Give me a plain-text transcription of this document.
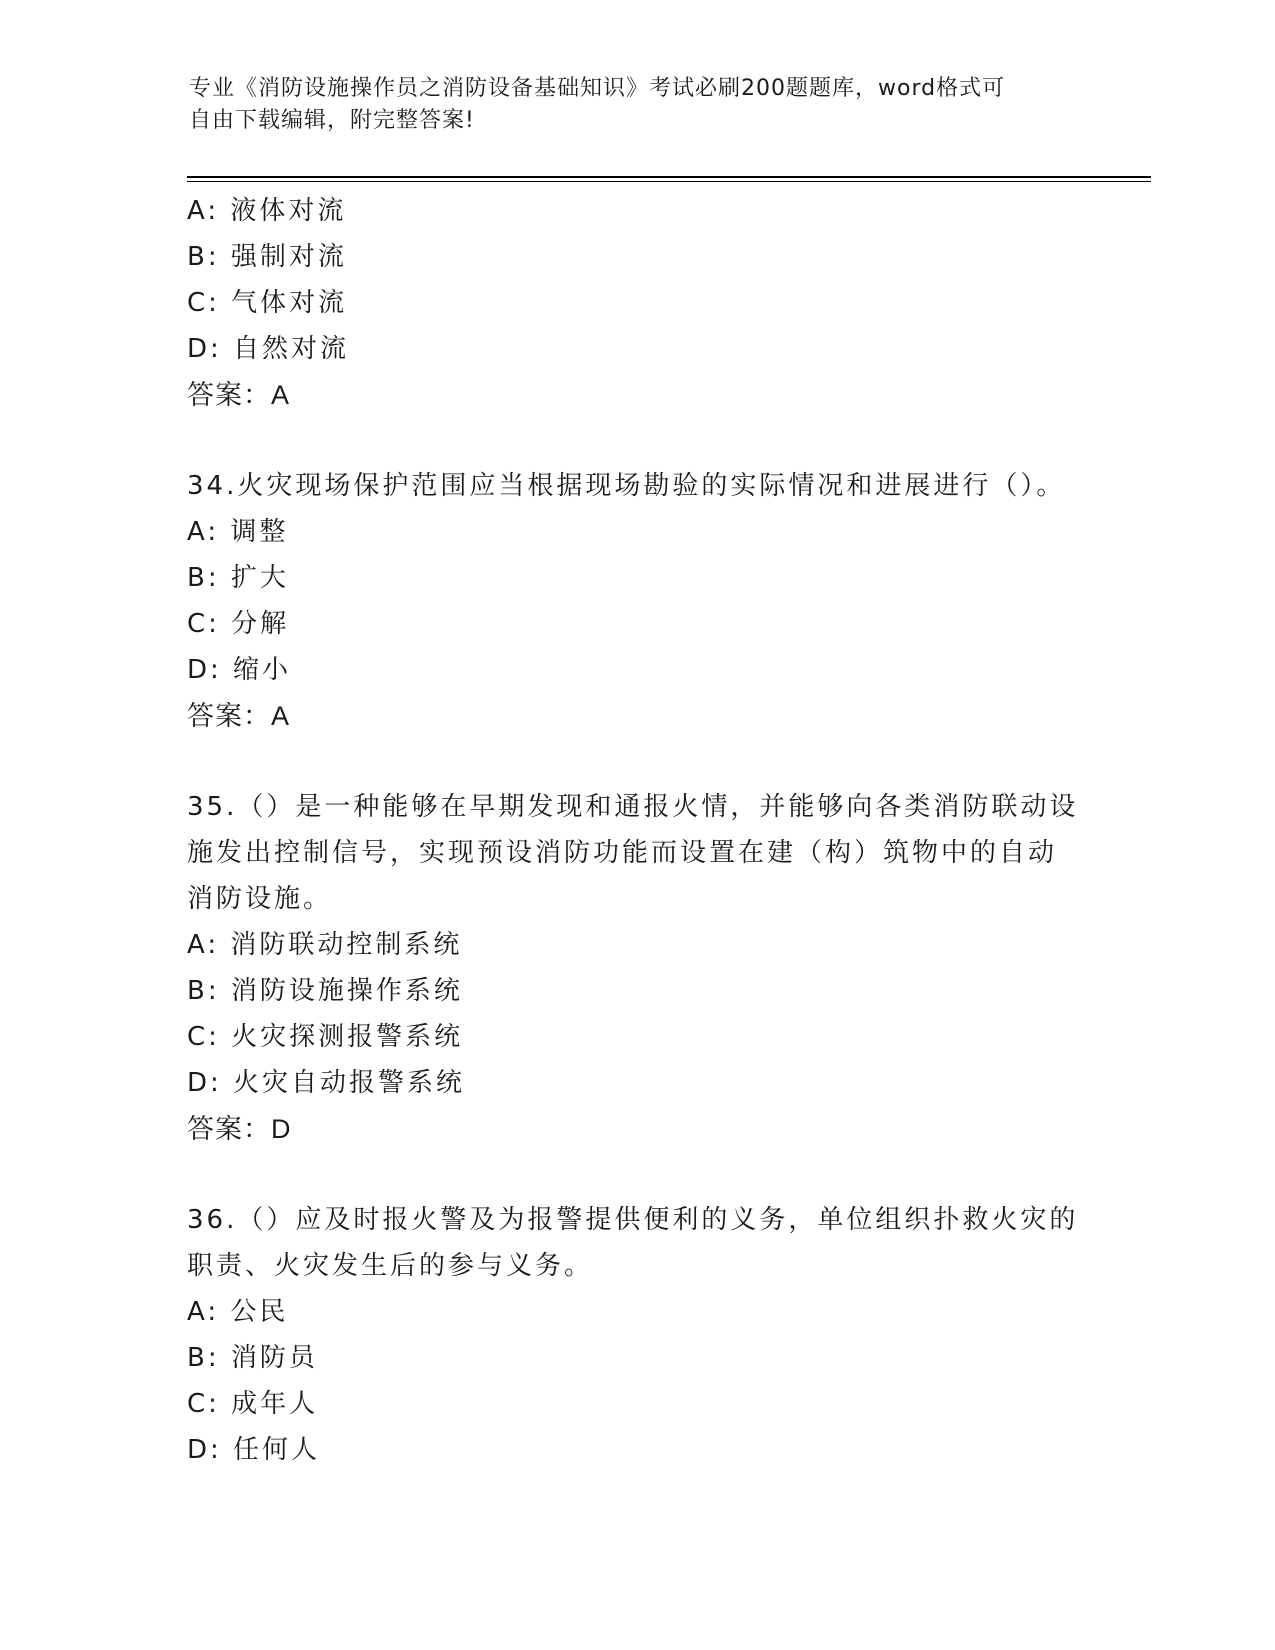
专业《消防设施操作员之消防设备基础知识》考试必刷200题题库，word格式可
自由下载编辑，附完整答案!
A: 液体对流
B: 强制对流
C: 气体对流
D: 自然对流
答案：A
34.火灾现场保护范围应当根据现场勘验的实际情况和进展进行（）。
A: 调整
B: 扩大
C: 分解
D: 缩小
答案：A
35.（）是一种能够在早期发现和通报火情，并能够向各类消防联动设
施发出控制信号，实现预设消防功能而设置在建（构）筑物中的自动
消防设施。
A: 消防联动控制系统
B: 消防设施操作系统
C: 火灾探测报警系统
D: 火灾自动报警系统
答案：D
36.（）应及时报火警及为报警提供便利的义务，单位组织扑救火灾的
职责、火灾发生后的参与义务。
A: 公民
B: 消防员
C: 成年人
D: 任何人
